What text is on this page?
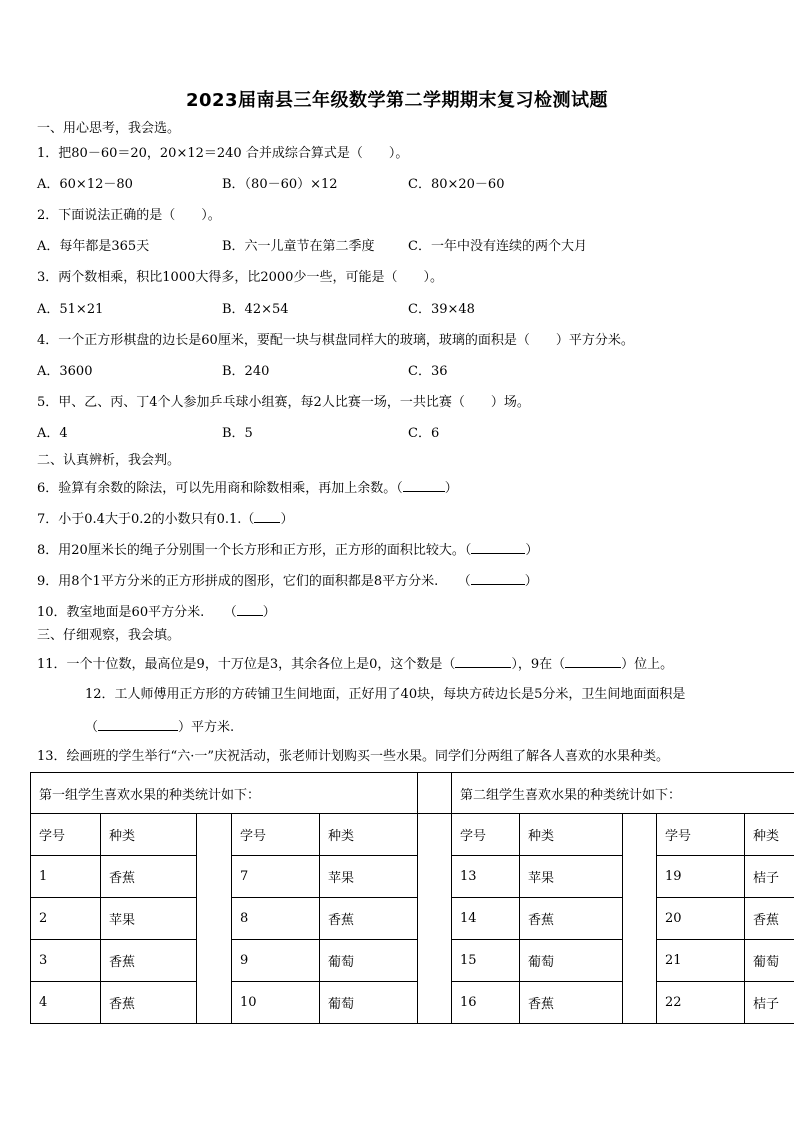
2023届南县三年级数学第二学期期末复习检测试题
一、用心思考，我会选。
1．把80－60＝20，20×12＝240 合并成综合算式是（　　）。
A．60×12－80	B．（80－60）×12	C．80×20－60
2．下面说法正确的是（　　）。
A．每年都是365天	B．六一儿童节在第二季度	C．一年中没有连续的两个大月
3．两个数相乘，积比1000大得多，比2000少一些，可能是（　　）。
A．51×21	B．42×54	C．39×48
4．一个正方形棋盘的边长是60厘米，要配一块与棋盘同样大的玻璃，玻璃的面积是（　　）平方分米。
A．3600	B．240	C．36
5．甲、乙、丙、丁4个人参加乒乓球小组赛，每2人比赛一场，一共比赛（　　）场。
A．4	B．5	C．6
二、认真辨析，我会判。
6．验算有余数的除法，可以先用商和除数相乘，再加上余数。（	）
7．小于0.4大于0.2的小数只有0.1.（ ）
8．用20厘米长的绳子分别围一个长方形和正方形，正方形的面积比较大。（	）
9．用8个1平方分米的正方形拼成的图形，它们的面积都是8平方分米.　　（	）
10．教室地面是60平方分米.　　（ ）
三、仔细观察，我会填。
11．一个十位数，最高位是9，十万位是3，其余各位上是0，这个数是（	），9在（	）位上。
12．工人师傅用正方形的方砖铺卫生间地面，正好用了40块，每块方砖边长是5分米，卫生间地面面积是
（	）平方米.
13．绘画班的学生举行“六·一”庆祝活动，张老师计划购买一些水果。同学们分两组了解各人喜欢的水果种类。
第一组学生喜欢水果的种类统计如下：						第二组学生喜欢水果的种类统计如下：				
学号	种类		学号	种类		学号	种类		学号	种类
1	香蕉		7	苹果		13	苹果		19	桔子
2	苹果		8	香蕉		14	香蕉		20	香蕉
3	香蕉		9	葡萄		15	葡萄		21	葡萄
4	香蕉		10	葡萄		16	香蕉		22	桔子
